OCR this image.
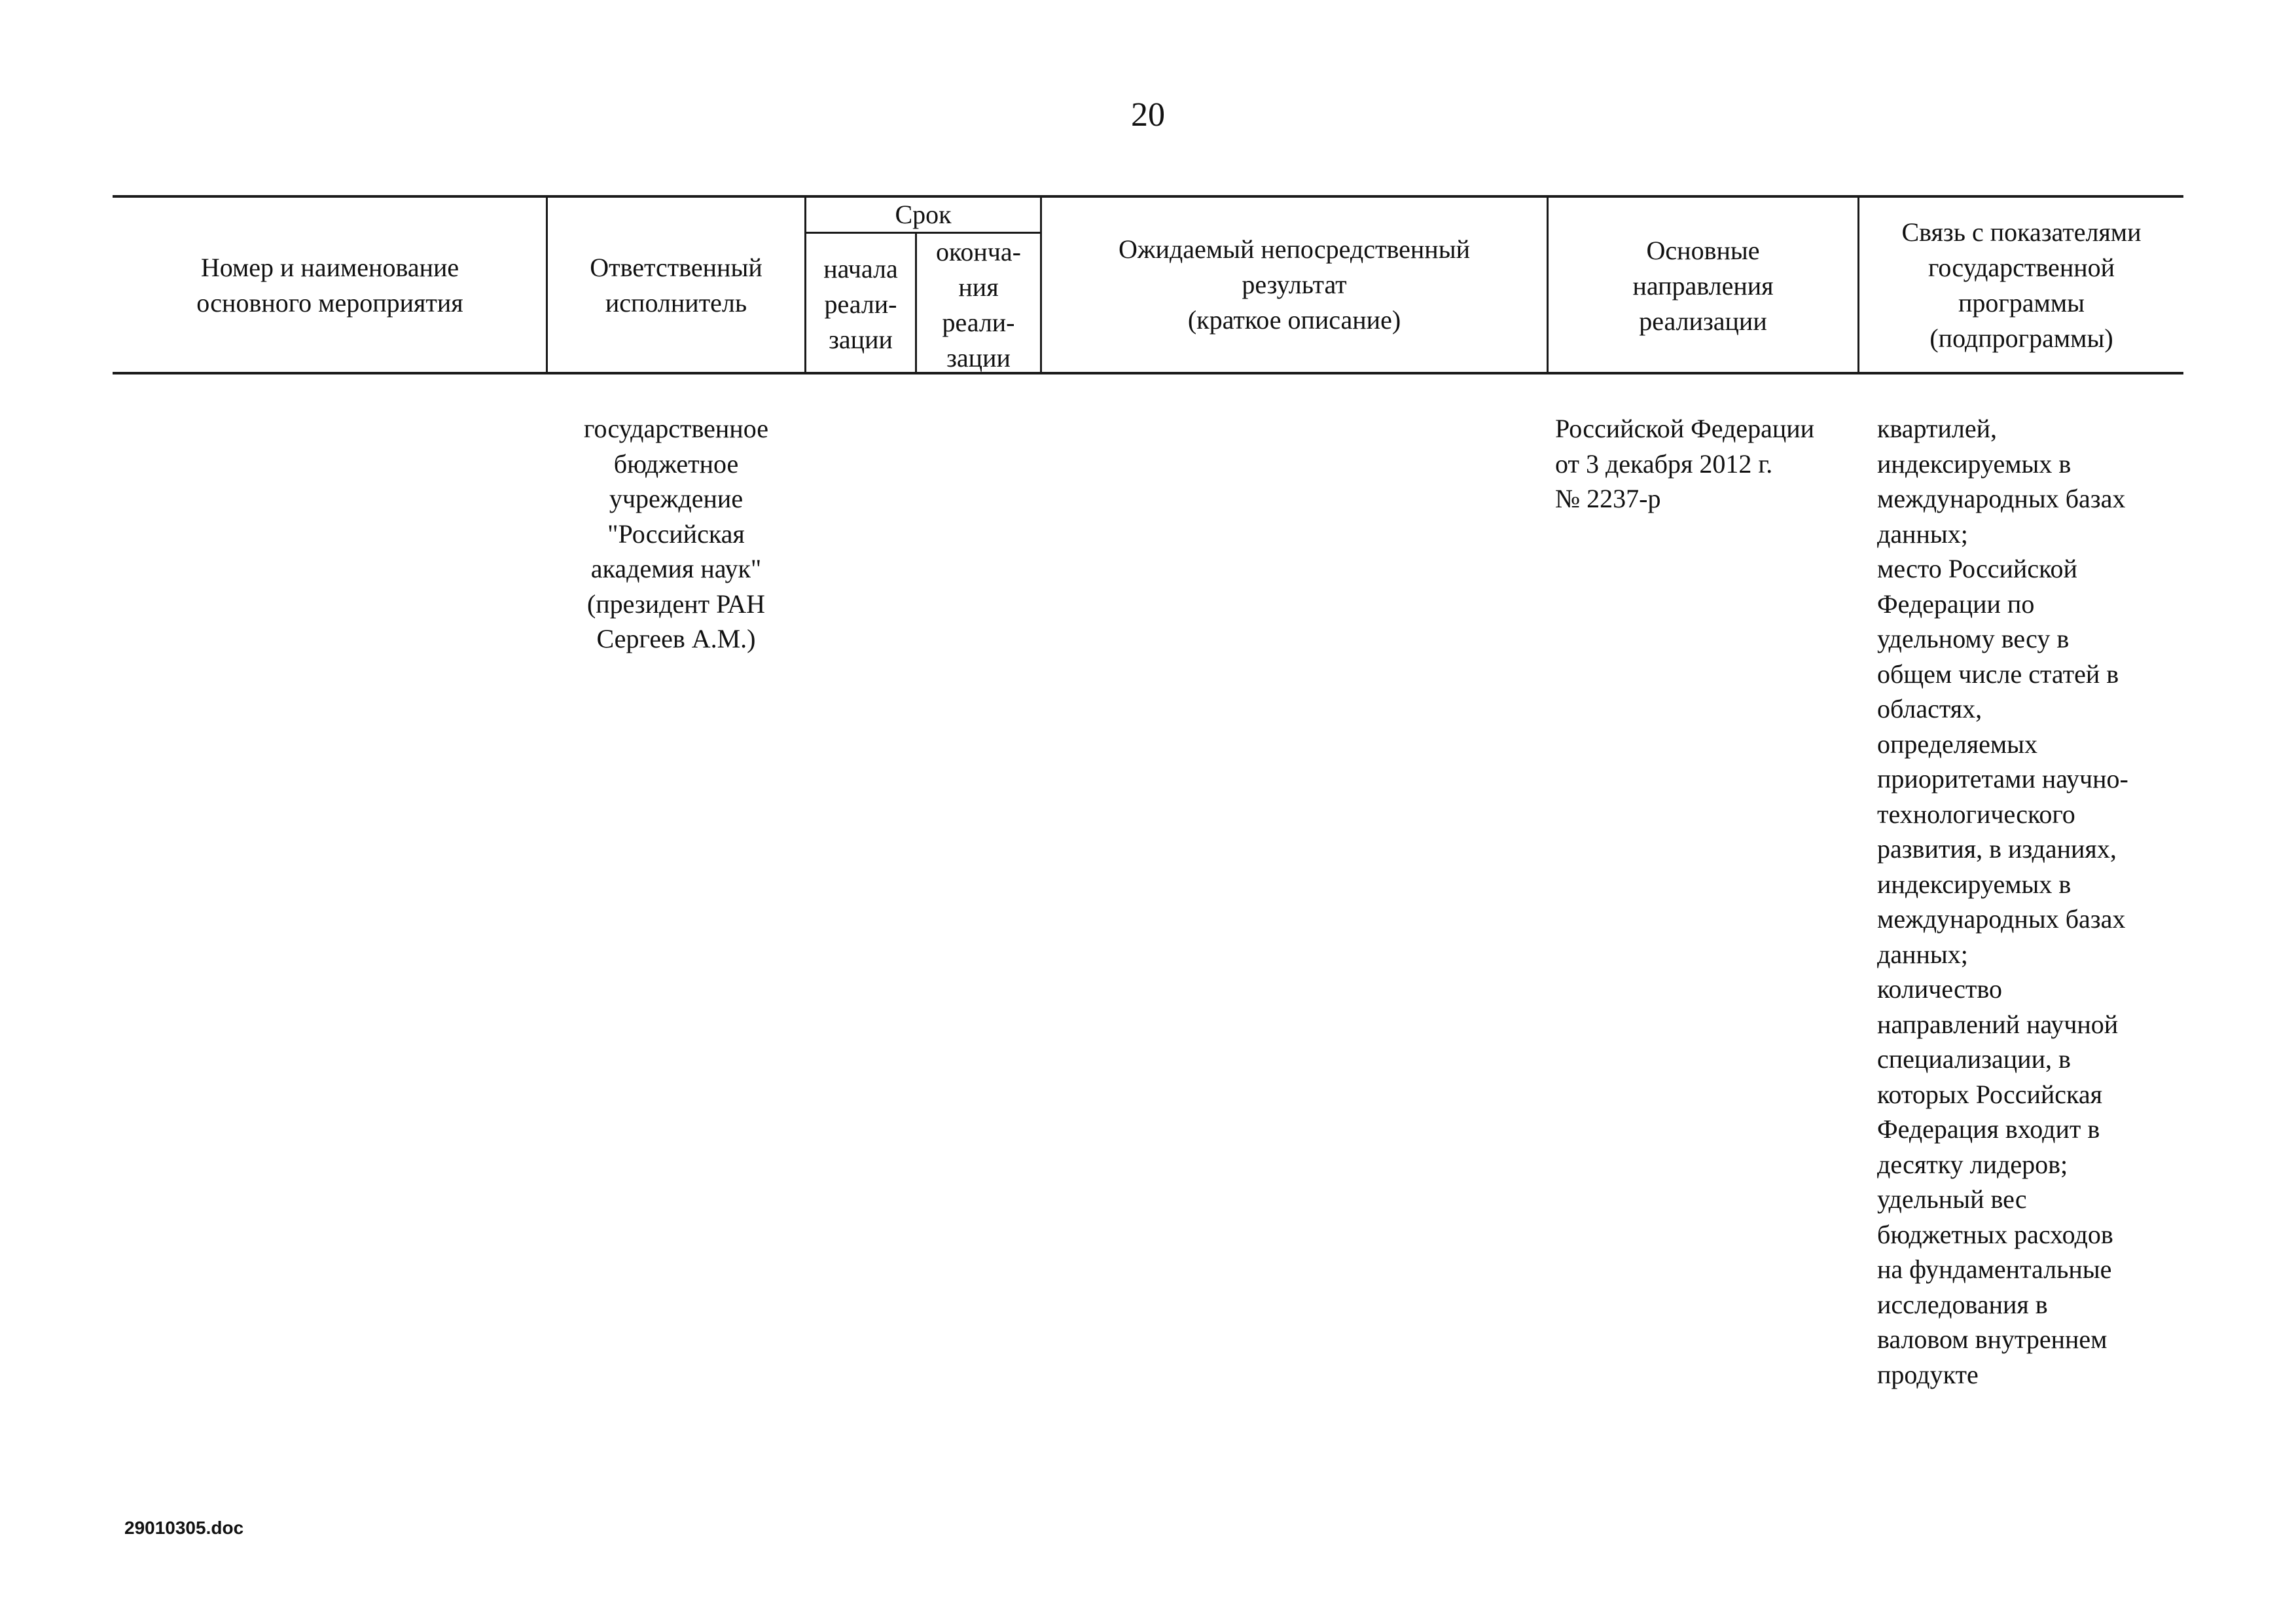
20
Номер и наименование
основного мероприятия
Ответственный
исполнитель
Срок
начала
реали-
зации
оконча-
ния
реали-
зации
Ожидаемый непосредственный
результат
(краткое описание)
Основные
направления
реализации
Связь с показателями
государственной
программы
(подпрограммы)
государственное
бюджетное
учреждение
"Российская
академия наук"
(президент РАН
Сергеев А.М.)
Российской Федерации
от 3 декабря 2012 г.
№ 2237-р
квартилей,
индексируемых в
международных базах
данных;
место Российской
Федерации по
удельному весу в
общем числе статей в
областях,
определяемых
приоритетами научно-
технологического
развития, в изданиях,
индексируемых в
международных базах
данных;
количество
направлений научной
специализации, в
которых Российская
Федерация входит в
десятку лидеров;
удельный вес
бюджетных расходов
на фундаментальные
исследования в
валовом внутреннем
продукте
29010305.doc
